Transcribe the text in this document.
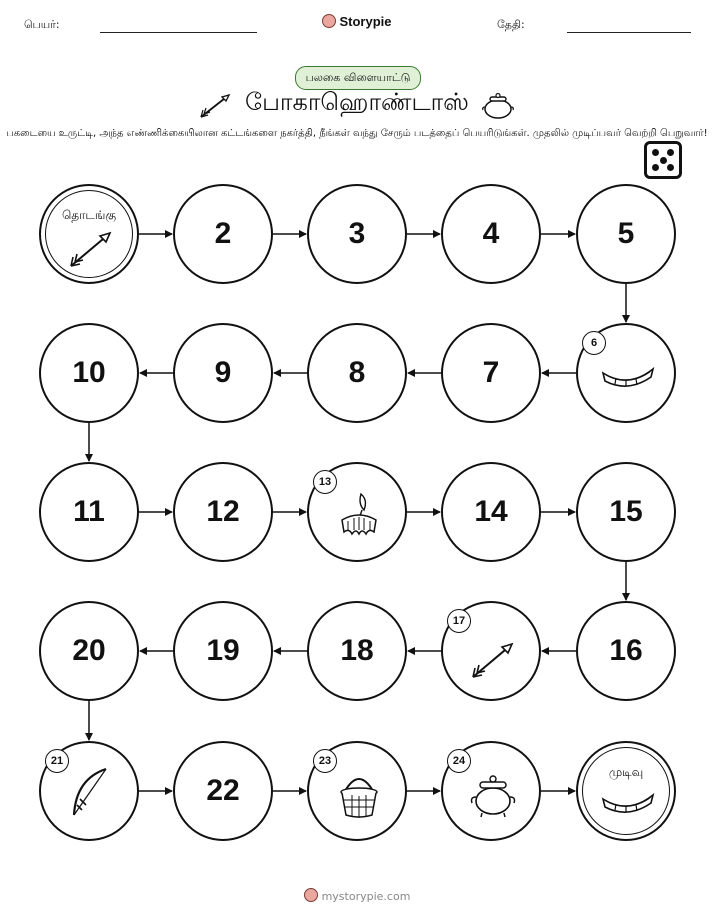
பெயர்:	Storypie	தேதி:
பலகை விளையாட்டு
போகாஹொண்டாஸ்
பகடையை உருட்டி, அந்த எண்ணிக்கையிலான கட்டங்களை நகர்த்தி, நீங்கள் வந்து சேரும் படத்தைப் பெயரிடுங்கள். முதலில் முடிப்பவர் வெற்றி பெறுவார்!
தொடங்கு
2	3	4	5
6
7
8
9
10
11	12
13
14	15
16
17
18
19
20
21
22
23	24
முடிவு
mystorypie.com
